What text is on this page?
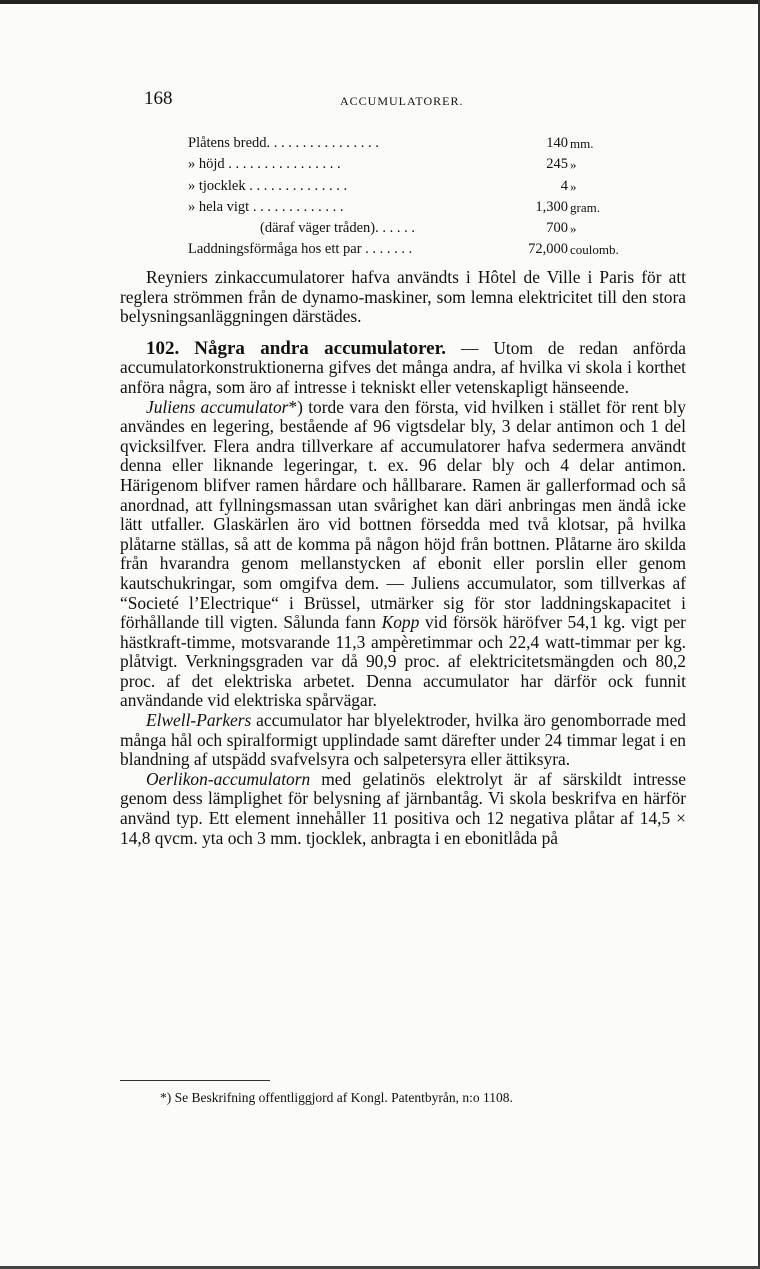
168	ACCUMULATORER.
Plåtens bredd. . . . . . . . . . . . . . . .	140 mm.
» höjd . . . . . . . . . . . . . . . .	245 »
» tjocklek . . . . . . . . . . . . . .	4 »
» hela vigt . . . . . . . . . . . . .	1,300 gram.
(däraf väger tråden). . . . . .	700 »
Laddningsförmåga hos ett par . . . . . . .	72,000 coulomb.

Reyniers zinkaccumulatorer hafva användts i Hôtel de Ville i Paris för att reglera strömmen från de dynamo-maskiner, som lemna elektricitet till den stora belysningsanläggningen därstädes.

102. Några andra accumulatorer. — Utom de redan anförda accumulatorkonstruktionerna gifves det många andra, af hvilka vi skola i korthet anföra några, som äro af intresse i tekniskt eller vetenskapligt hänseende.

Juliens accumulator*) torde vara den första, vid hvilken i stället för rent bly användes en legering, bestående af 96 vigtsdelar bly, 3 delar antimon och 1 del qvicksilfver. Flera andra tillverkare af accumulatorer hafva sedermera användt denna eller liknande legeringar, t. ex. 96 delar bly och 4 delar antimon. Härigenom blifver ramen hårdare och hållbarare. Ramen är gallerformad och så anordnad, att fyllningsmassan utan svårighet kan däri anbringas men ändå icke lätt utfaller. Glaskärlen äro vid bottnen försedda med två klotsar, på hvilka plåtarne ställas, så att de komma på någon höjd från bottnen. Plåtarne äro skilda från hvarandra genom mellanstycken af ebonit eller porslin eller genom kautschukringar, som omgifva dem. — Juliens accumulator, som tillverkas af “Societé l’Electrique“ i Brüssel, utmärker sig för stor laddningskapacitet i förhållande till vigten. Sålunda fann Kopp vid försök häröfver 54,1 kg. vigt per hästkraft-timme, motsvarande 11,3 ampèretimmar och 22,4 watt-timmar per kg. plåtvigt. Verkningsgraden var då 90,9 proc. af elektricitetsmängden och 80,2 proc. af det elektriska arbetet. Denna accumulator har därför ock funnit användande vid elektriska spårvägar.

Elwell-Parkers accumulator har blyelektroder, hvilka äro genomborrade med många hål och spiralformigt upplindade samt därefter under 24 timmar legat i en blandning af utspädd svafvelsyra och salpetersyra eller ättiksyra.

Oerlikon-accumulatorn med gelatinös elektrolyt är af särskildt intresse genom dess lämplighet för belysning af järnbantåg. Vi skola beskrifva en härför använd typ. Ett element innehåller 11 positiva och 12 negativa plåtar af 14,5 × 14,8 qvcm. yta och 3 mm. tjocklek, anbragta i en ebonitlåda på

*) Se Beskrifning offentliggjord af Kongl. Patentbyrån, n:o 1108.
